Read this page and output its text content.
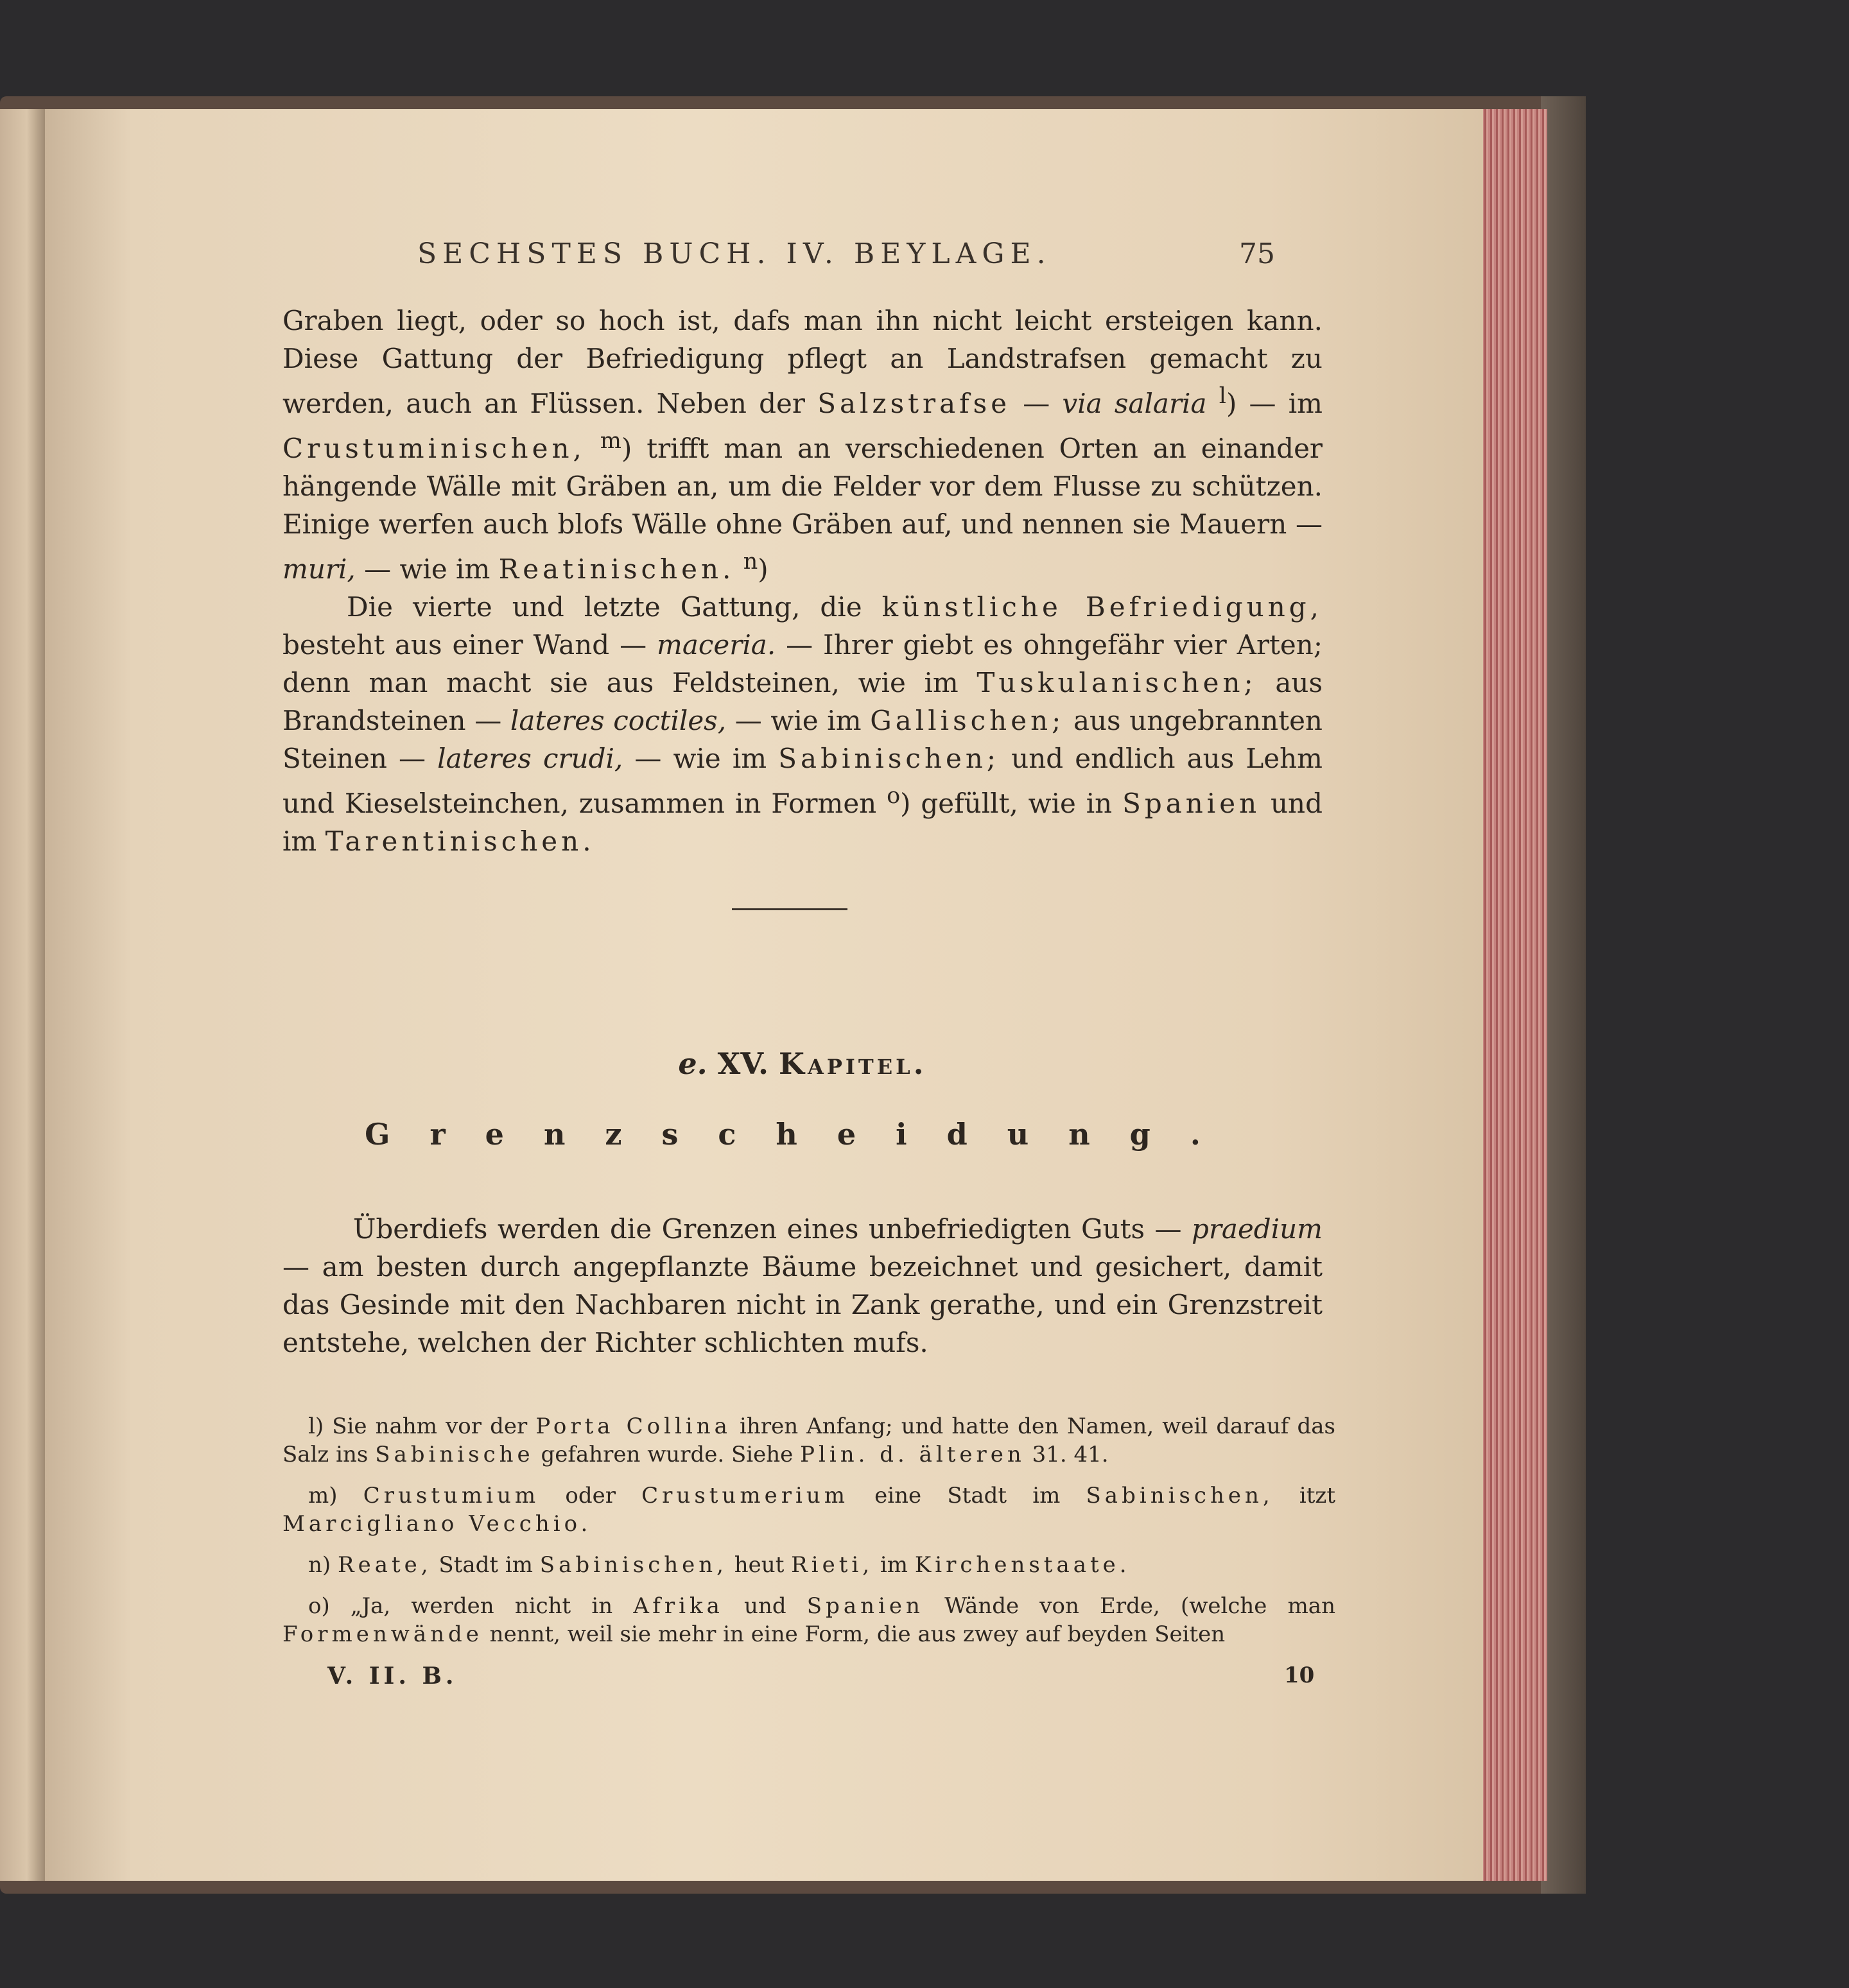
SECHSTES BUCH. IV. BEYLAGE.	75

Graben liegt, oder so hoch ist, dafs man ihn nicht leicht ersteigen kann. Diese Gattung der Befriedigung pflegt an Landstrafsen gemacht zu werden, auch an Flüssen. Neben der Salzstrafse — via salaria $^l$) — im Crustuminischen, $^m$) trifft man an verschiedenen Orten an einander hängende Wälle mit Gräben an, um die Felder vor dem Flusse zu schützen. Einige werfen auch blofs Wälle ohne Gräben auf, und nennen sie Mauern — muri, — wie im Reatinischen. $^n$)

Die vierte und letzte Gattung, die künstliche Befriedigung, besteht aus einer Wand — maceria. — Ihrer giebt es ohngefähr vier Arten; denn man macht sie aus Feldsteinen, wie im Tuskulanischen; aus Brandsteinen — lateres coctiles, — wie im Gallischen; aus ungebrannten Steinen — lateres crudi, — wie im Sabinischen; und endlich aus Lehm und Kieselsteinchen, zusammen in Formen $^o$) gefüllt, wie in Spanien und im Tarentinischen.

e. XV. Kapitel.
Grenzscheidung.

Überdiefs werden die Grenzen eines unbefriedigten Guts — praedium — am besten durch angepflanzte Bäume bezeichnet und gesichert, damit das Gesinde mit den Nachbaren nicht in Zank gerathe, und ein Grenzstreit entstehe, welchen der Richter schlichten mufs.

l) Sie nahm vor der Porta Collina ihren Anfang; und hatte den Namen, weil darauf das Salz ins Sabinische gefahren wurde. Siehe Plin. d. älteren 31. 41.

m) Crustumium oder Crustumerium eine Stadt im Sabinischen, itzt Marcigliano Vecchio.

n) Reate, Stadt im Sabinischen, heut Rieti, im Kirchenstaate.

o) „Ja, werden nicht in Afrika und Spanien Wände von Erde, (welche man Formenwände nennt, weil sie mehr in eine Form, die aus zwey auf beyden Seiten

V. II. B.	10
